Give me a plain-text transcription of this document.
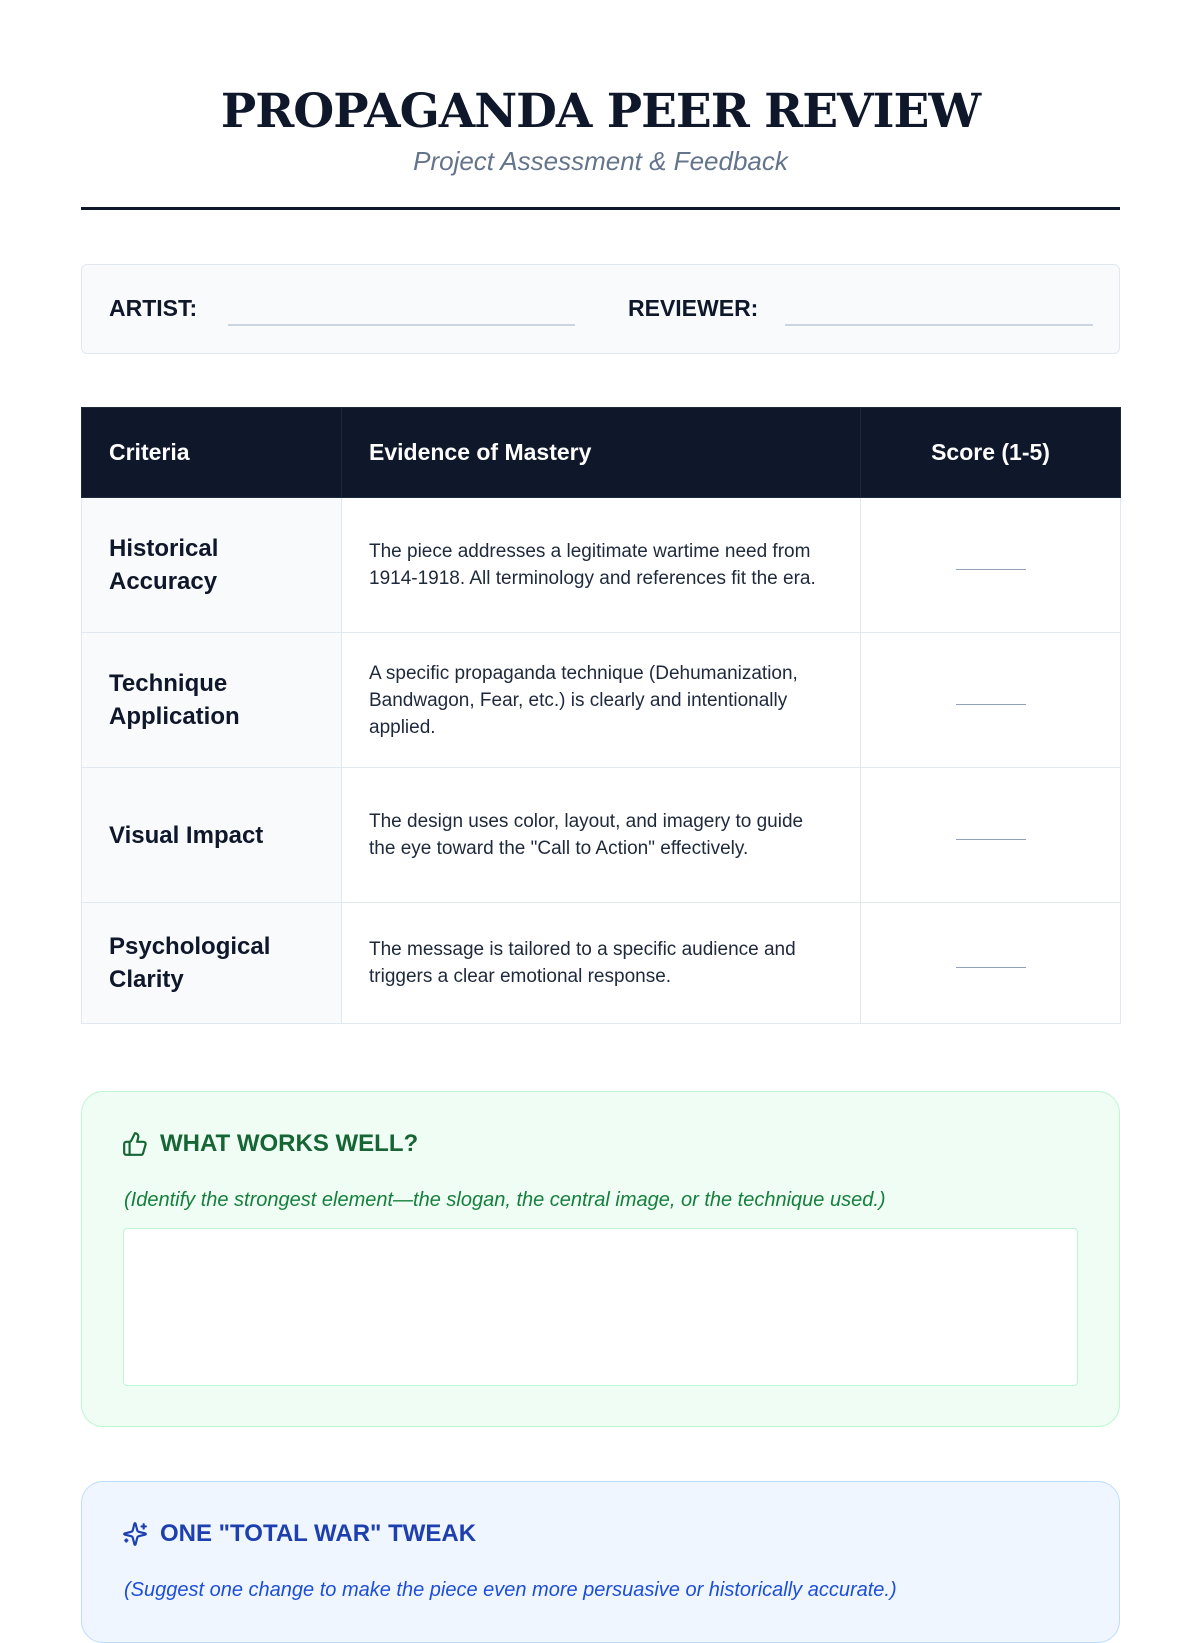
PROPAGANDA PEER REVIEW
Project Assessment & Feedback
ARTIST:	REVIEWER:
Criteria	Evidence of Mastery	Score (1-5)
Historical Accuracy	The piece addresses a legitimate wartime need from 1914-1918. All terminology and references fit the era.	
Technique Application	A specific propaganda technique (Dehumanization, Bandwagon, Fear, etc.) is clearly and intentionally applied.	
Visual Impact	The design uses color, layout, and imagery to guide the eye toward the "Call to Action" effectively.	
Psychological Clarity	The message is tailored to a specific audience and triggers a clear emotional response.	
WHAT WORKS WELL?
(Identify the strongest element—the slogan, the central image, or the technique used.)
ONE "TOTAL WAR" TWEAK
(Suggest one change to make the piece even more persuasive or historically accurate.)
